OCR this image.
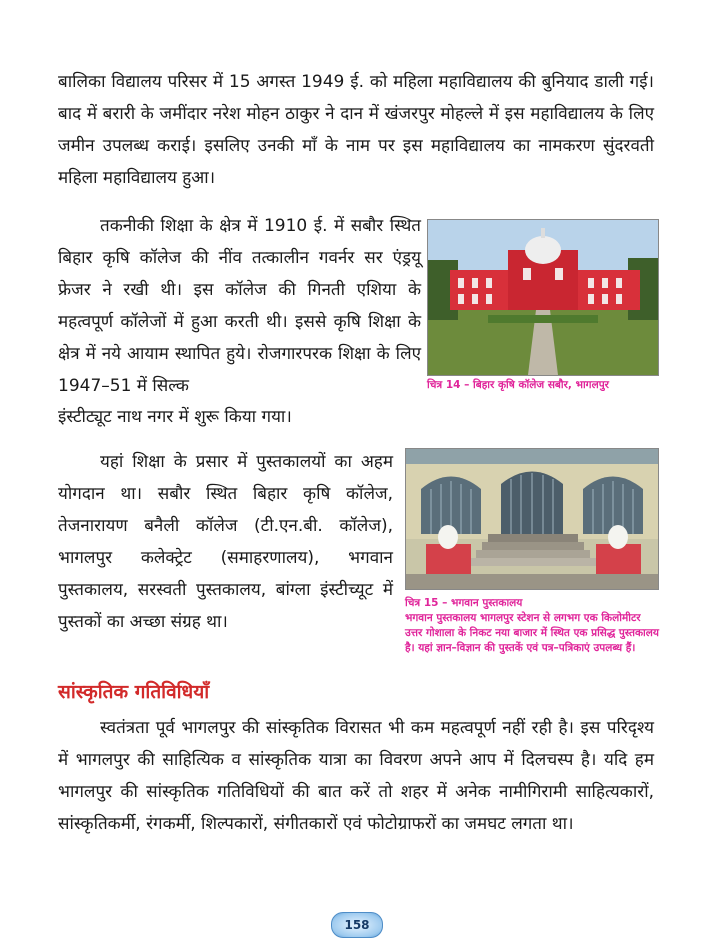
बालिका विद्यालय परिसर में 15 अगस्त 1949 ई. को महिला महाविद्यालय की बुनियाद डाली गई। बाद में बरारी के जमींदार नरेश मोहन ठाकुर ने दान में खंजरपुर मोहल्ले में इस महाविद्यालय के लिए जमीन उपलब्ध कराई। इसलिए उनकी माँ के नाम पर इस महाविद्यालय का नामकरण सुंदरवती महिला महाविद्यालय हुआ।

तकनीकी शिक्षा के क्षेत्र में 1910 ई. में सबौर स्थित बिहार कृषि कॉलेज की नींव तत्कालीन गवर्नर सर एंड्रयू फ्रेजर ने रखी थी। इस कॉलेज की गिनती एशिया के महत्वपूर्ण कॉलेजों में हुआ करती थी। इससे कृषि शिक्षा के क्षेत्र में नये आयाम स्थापित हुये। रोजगारपरक शिक्षा के लिए 1947–51 में सिल्क

इंस्टीट्यूट नाथ नगर में शुरू किया गया।

चित्र 14 – बिहार कृषि कॉलेज सबौर, भागलपुर

यहां शिक्षा के प्रसार में पुस्तकालयों का अहम योगदान था। सबौर स्थित बिहार कृषि कॉलेज, तेजनारायण बनैली कॉलेज (टी.एन.बी. कॉलेज), भागलपुर कलेक्ट्रेट (समाहरणालय), भगवान पुस्तकालय, सरस्वती पुस्तकालय, बांग्ला इंस्टीच्यूट में पुस्तकों का अच्छा संग्रह था।

चित्र 15 – भगवान पुस्तकालय
भगवान पुस्तकालय भागलपुर स्टेशन से लगभग एक किलोमीटर उत्तर गोशाला के निकट नया बाजार में स्थित एक प्रसिद्ध पुस्तकालय है। यहां ज्ञान–विज्ञान की पुस्तकें एवं पत्र–पत्रिकाएं उपलब्ध हैं।
सांस्कृतिक गतिविधियाँ

स्वतंत्रता पूर्व भागलपुर की सांस्कृतिक विरासत भी कम महत्वपूर्ण नहीं रही है। इस परिदृश्य में भागलपुर की साहित्यिक व सांस्कृतिक यात्रा का विवरण अपने आप में दिलचस्प है। यदि हम भागलपुर की सांस्कृतिक गतिविधियों की बात करें तो शहर में अनेक नामीगिरामी साहित्यकारों, सांस्कृतिकर्मी, रंगकर्मी, शिल्पकारों, संगीतकारों एवं फोटोग्राफरों का जमघट लगता था।

158
